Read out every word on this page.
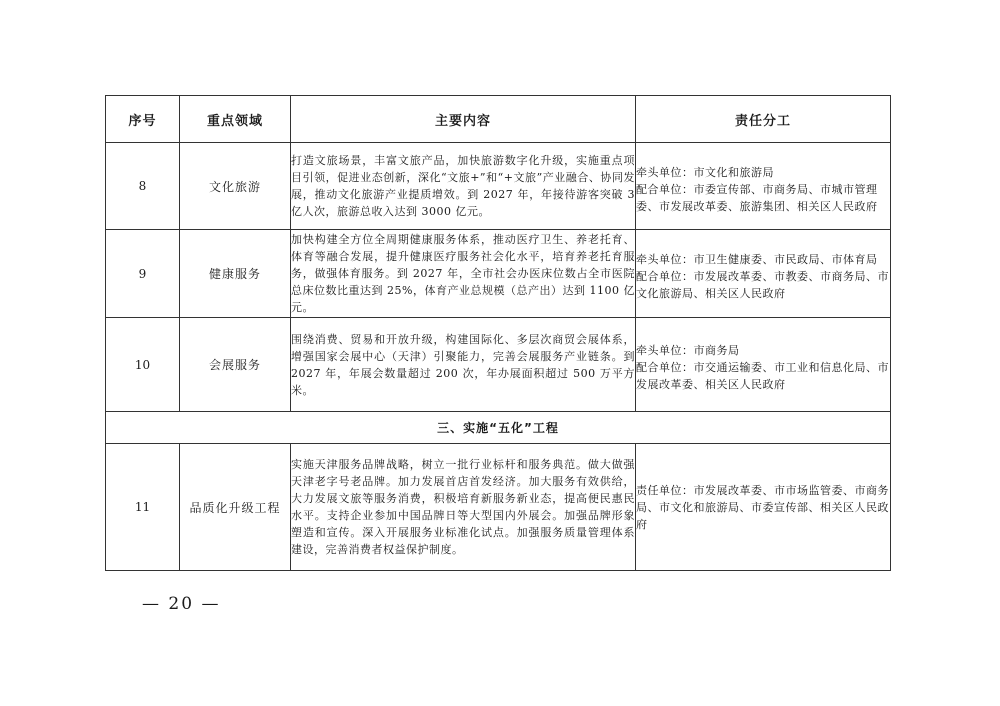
序号	重点领域	主要内容	责任分工
8	文化旅游	打造文旅场景，丰富文旅产品，加快旅游数字化升级，实施重点项目引领，促进业态创新，深化“文旅+”和“+文旅”产业融合、协同发展，推动文化旅游产业提质增效。到 2027 年，年接待游客突破 3 亿人次，旅游总收入达到 3000 亿元。	牵头单位：市文化和旅游局
配合单位：市委宣传部、市商务局、市城市管理委、市发展改革委、旅游集团、相关区人民政府

9	健康服务	加快构建全方位全周期健康服务体系，推动医疗卫生、养老托育、体育等融合发展，提升健康医疗服务社会化水平，培育养老托育服务，做强体育服务。到 2027 年，全市社会办医床位数占全市医院总床位数比重达到 25%，体育产业总规模（总产出）达到 1100 亿元。	牵头单位：市卫生健康委、市民政局、市体育局
配合单位：市发展改革委、市教委、市商务局、市文化旅游局、相关区人民政府

10	会展服务	围绕消费、贸易和开放升级，构建国际化、多层次商贸会展体系，增强国家会展中心（天津）引聚能力，完善会展服务产业链条。到 2027 年，年展会数量超过 200 次，年办展面积超过 500 万平方米。	牵头单位：市商务局
配合单位：市交通运输委、市工业和信息化局、市发展改革委、相关区人民政府

三、实施“五化”工程			
11	品质化升级工程	实施天津服务品牌战略，树立一批行业标杆和服务典范。做大做强天津老字号老品牌。加力发展首店首发经济。加大服务有效供给，大力发展文旅等服务消费，积极培育新服务新业态，提高便民惠民水平。支持企业参加中国品牌日等大型国内外展会。加强品牌形象塑造和宣传。深入开展服务业标准化试点。加强服务质量管理体系建设，完善消费者权益保护制度。	责任单位：市发展改革委、市市场监管委、市商务局、市文化和旅游局、市委宣传部、相关区人民政府
— 20 —
